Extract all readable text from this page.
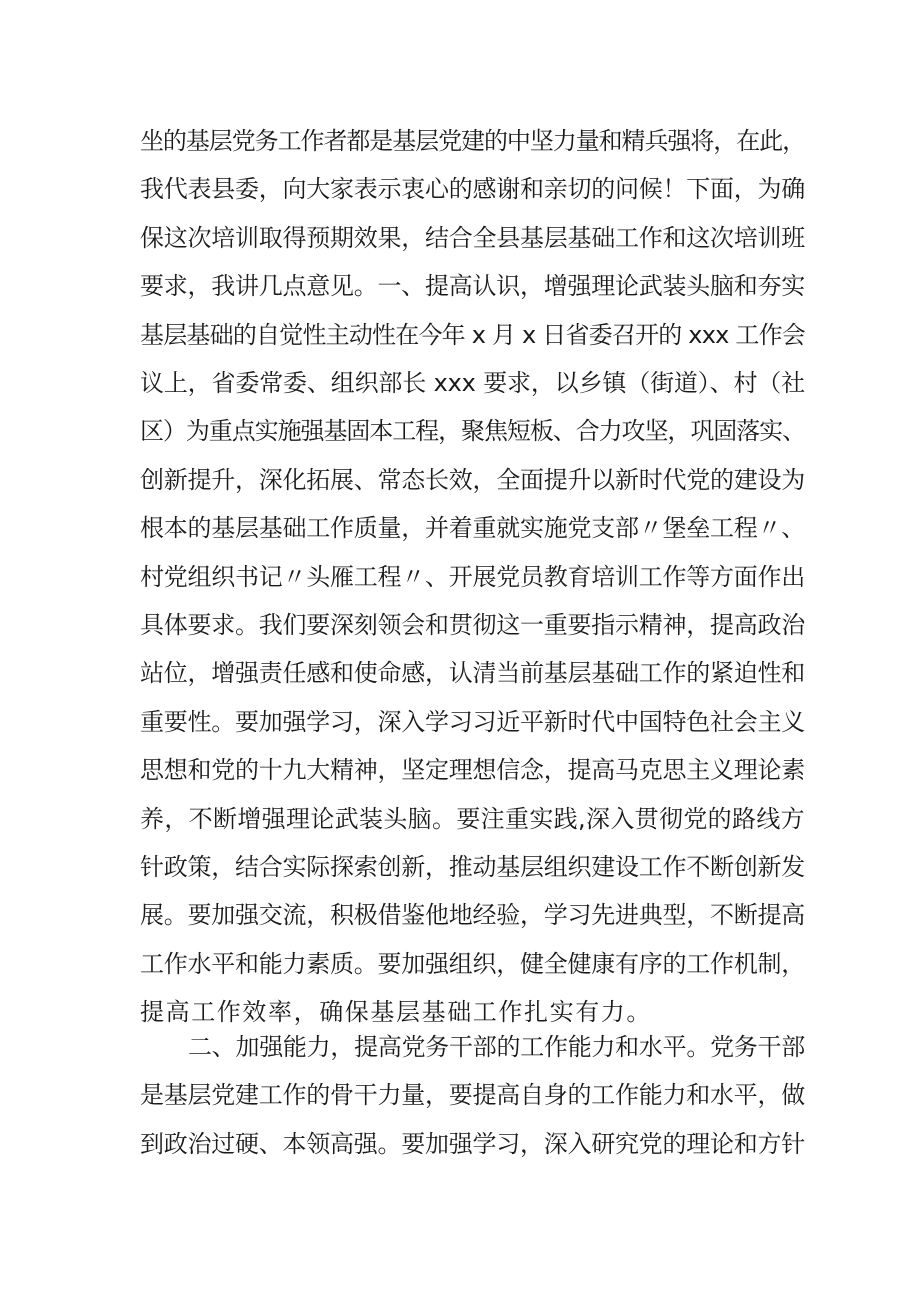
坐的基层党务工作者都是基层党建的中坚力量和精兵强将，在此，
我代表县委，向大家表示衷心的感谢和亲切的问候！下面，为确
保这次培训取得预期效果，结合全县基层基础工作和这次培训班
要求，我讲几点意见。一、提高认识，增强理论武装头脑和夯实
基层基础的自觉性主动性在今年 x 月 x 日省委召开的 xxx 工作会
议上，省委常委、组织部长 xxx 要求，以乡镇（街道）、村（社
区）为重点实施强基固本工程，聚焦短板、合力攻坚，巩固落实、
创新提升，深化拓展、常态长效，全面提升以新时代党的建设为
根本的基层基础工作质量，并着重就实施党支部〃堡垒工程〃、
村党组织书记〃头雁工程〃、开展党员教育培训工作等方面作出
具体要求。我们要深刻领会和贯彻这一重要指示精神，提高政治
站位，增强责任感和使命感，认清当前基层基础工作的紧迫性和
重要性。要加强学习，深入学习习近平新时代中国特色社会主义
思想和党的十九大精神，坚定理想信念，提高马克思主义理论素
养，不断增强理论武装头脑。要注重实践,深入贯彻党的路线方
针政策，结合实际探索创新，推动基层组织建设工作不断创新发
展。要加强交流，积极借鉴他地经验，学习先进典型，不断提高
工作水平和能力素质。要加强组织，健全健康有序的工作机制，
提高工作效率，确保基层基础工作扎实有力。
二、加强能力，提高党务干部的工作能力和水平。党务干部
是基层党建工作的骨干力量，要提高自身的工作能力和水平，做
到政治过硬、本领高强。要加强学习，深入研究党的理论和方针
